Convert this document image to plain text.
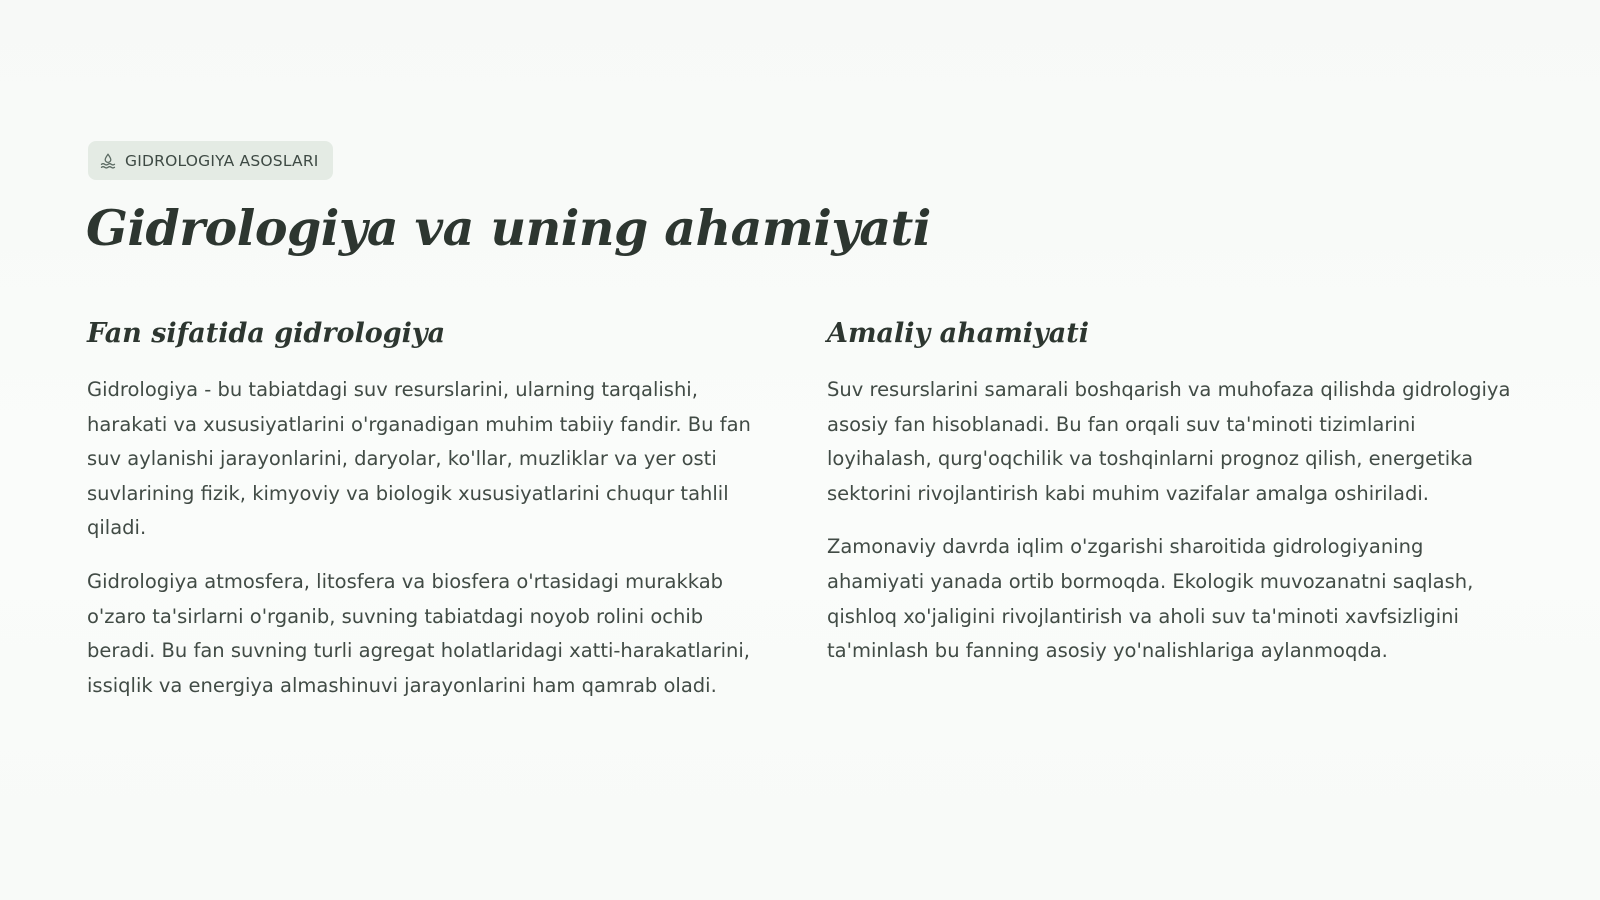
GIDROLOGIYA ASOSLARI
Gidrologiya va uning ahamiyati
Fan sifatida gidrologiya

Gidrologiya - bu tabiatdagi suv resurslarini, ularning tarqalishi, harakati va xususiyatlarini o'rganadigan muhim tabiiy fandir. Bu fan suv aylanishi jarayonlarini, daryolar, ko'llar, muzliklar va yer osti suvlarining fizik, kimyoviy va biologik xususiyatlarini chuqur tahlil qiladi.

Gidrologiya atmosfera, litosfera va biosfera o'rtasidagi murakkab o'zaro ta'sirlarni o'rganib, suvning tabiatdagi noyob rolini ochib beradi. Bu fan suvning turli agregat holatlaridagi xatti-harakatlarini, issiqlik va energiya almashinuvi jarayonlarini ham qamrab oladi.

Amaliy ahamiyati

Suv resurslarini samarali boshqarish va muhofaza qilishda gidrologiya asosiy fan hisoblanadi. Bu fan orqali suv ta'minoti tizimlarini loyihalash, qurg'oqchilik va toshqinlarni prognoz qilish, energetika sektorini rivojlantirish kabi muhim vazifalar amalga oshiriladi.

Zamonaviy davrda iqlim o'zgarishi sharoitida gidrologiyaning ahamiyati yanada ortib bormoqda. Ekologik muvozanatni saqlash, qishloq xo'jaligini rivojlantirish va aholi suv ta'minoti xavfsizligini ta'minlash bu fanning asosiy yo'nalishlariga aylanmoqda.
